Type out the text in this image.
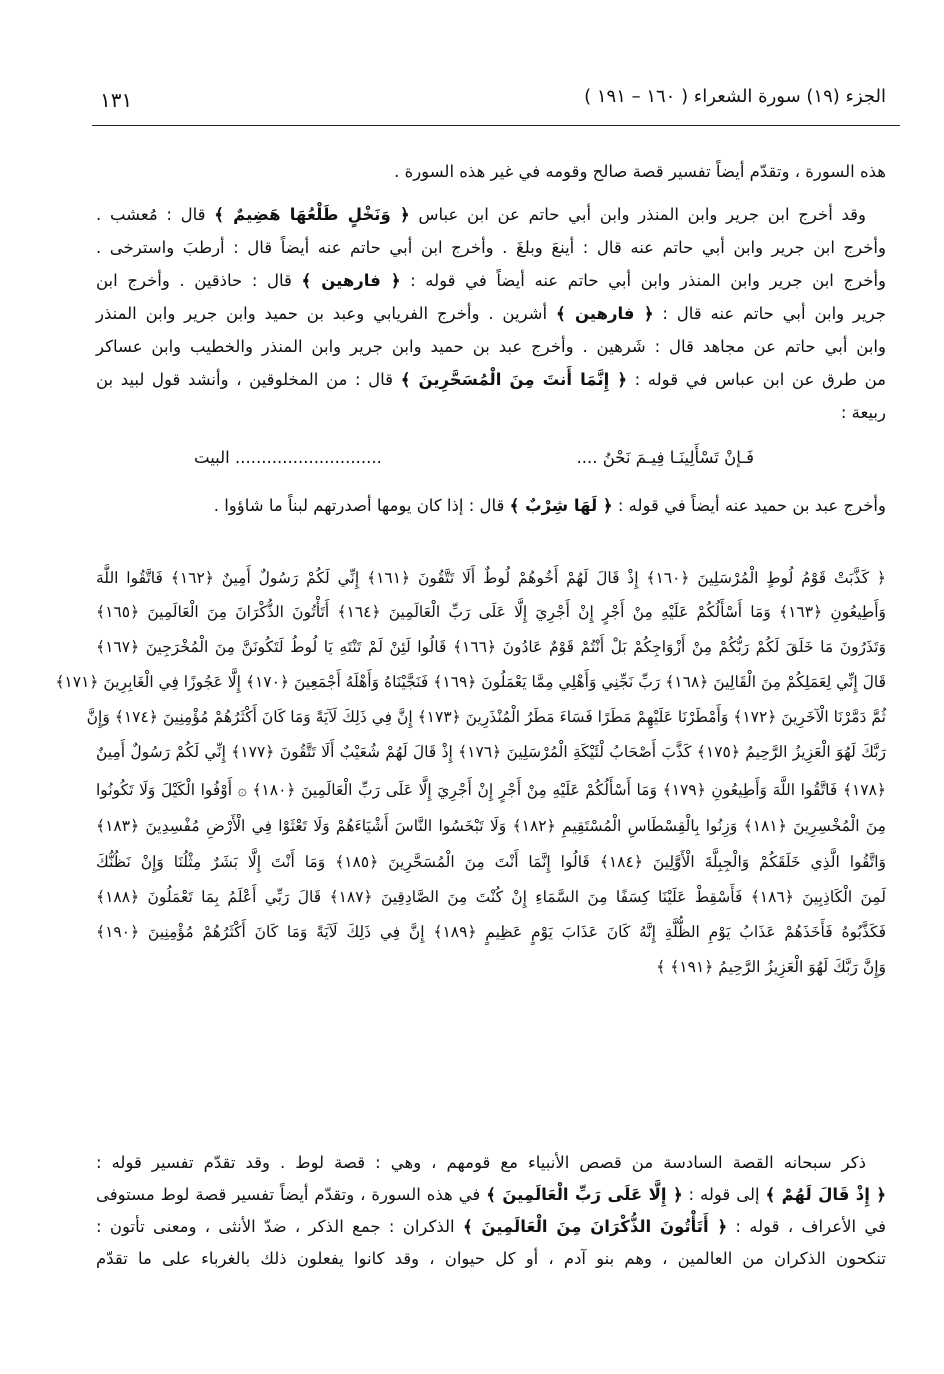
الجزء (١٩) سورة الشعراء ( ١٦٠ – ١٩١ )
١٣١
هذه السورة ، وتقدّم أيضاً تفسير قصة صالح وقومه في غير هذه السورة .
وقد أخرج ابن جرير وابن المنذر وابن أبي حاتم عن ابن عباس ﴿ وَنَخْلٍ طَلْعُهَا هَضِيمٌ ﴾ قال : مُعشب .
وأخرج ابن جرير وابن أبي حاتم عنه قال : أينعَ وبلغَ . وأخرج ابن أبي حاتم عنه أيضاً قال : أرطبَ واسترخى .
وأخرج ابن جرير وابن المنذر وابن أبي حاتم عنه أيضاً في قوله : ﴿ فارهين ﴾ قال : حاذقين . وأخرج ابن
جرير وابن أبي حاتم عنه قال : ﴿ فارهين ﴾ أشرين . وأخرج الفريابي وعبد بن حميد وابن جرير وابن المنذر
وابن أبي حاتم عن مجاهد قال : شَرهين . وأخرج عبد بن حميد وابن جرير وابن المنذر والخطيب وابن عساكر
من طرق عن ابن عباس في قوله : ﴿ إِنَّمَا أَنتَ مِنَ الْمُسَحَّرِينَ ﴾ قال : من المخلوقين ، وأنشد قول لبيد بن
ربيعة :
فَـإنْ تَسْأَلِينَـا فِيـمَ نَحْنُ ....
............................ البيت
وأخرج عبد بن حميد عنه أيضاً في قوله : ﴿ لَهَا شِرْبٌ ﴾ قال : إذا كان يومها أصدرتهم لبناً ما شاؤوا .
﴿ كَذَّبَتْ قَوْمُ لُوطٍ الْمُرْسَلِينَ ﴿١٦٠﴾ إِذْ قَالَ لَهُمْ أَخُوهُمْ لُوطٌ أَلَا تَتَّقُونَ ﴿١٦١﴾ إِنِّي لَكُمْ رَسُولٌ أَمِينٌ ﴿١٦٢﴾ فَاتَّقُوا اللَّهَ
وَأَطِيعُونِ ﴿١٦٣﴾ وَمَا أَسْأَلُكُمْ عَلَيْهِ مِنْ أَجْرٍ إِنْ أَجْرِيَ إِلَّا عَلَى رَبِّ الْعَالَمِينَ ﴿١٦٤﴾ أَتَأْتُونَ الذُّكْرَانَ مِنَ الْعَالَمِينَ ﴿١٦٥﴾
وَتَذَرُونَ مَا خَلَقَ لَكُمْ رَبُّكُمْ مِنْ أَزْوَاجِكُمْ بَلْ أَنْتُمْ قَوْمٌ عَادُونَ ﴿١٦٦﴾ قَالُوا لَئِنْ لَمْ تَنْتَهِ يَا لُوطُ لَتَكُونَنَّ مِنَ الْمُخْرَجِينَ ﴿١٦٧﴾
قَالَ إِنِّي لِعَمَلِكُمْ مِنَ الْقَالِينَ ﴿١٦٨﴾ رَبِّ نَجِّنِي وَأَهْلِي مِمَّا يَعْمَلُونَ ﴿١٦٩﴾ فَنَجَّيْنَاهُ وَأَهْلَهُ أَجْمَعِينَ ﴿١٧٠﴾ إِلَّا عَجُوزًا فِي الْغَابِرِينَ ﴿١٧١﴾
ثُمَّ دَمَّرْنَا الْآخَرِينَ ﴿١٧٢﴾ وَأَمْطَرْنَا عَلَيْهِمْ مَطَرًا فَسَاءَ مَطَرُ الْمُنْذَرِينَ ﴿١٧٣﴾ إِنَّ فِي ذَلِكَ لَآيَةً وَمَا كَانَ أَكْثَرُهُمْ مُؤْمِنِينَ ﴿١٧٤﴾ وَإِنَّ
رَبَّكَ لَهُوَ الْعَزِيزُ الرَّحِيمُ ﴿١٧٥﴾ كَذَّبَ أَصْحَابُ لْئَيْكَةِ الْمُرْسَلِينَ ﴿١٧٦﴾ إِذْ قَالَ لَهُمْ شُعَيْبٌ أَلَا تَتَّقُونَ ﴿١٧٧﴾ إِنِّي لَكُمْ رَسُولٌ أَمِينٌ
﴿١٧٨﴾ فَاتَّقُوا اللَّهَ وَأَطِيعُونِ ﴿١٧٩﴾ وَمَا أَسْأَلُكُمْ عَلَيْهِ مِنْ أَجْرٍ إِنْ أَجْرِيَ إِلَّا عَلَى رَبِّ الْعَالَمِينَ ﴿١٨٠﴾ ۞ أَوْفُوا الْكَيْلَ وَلَا تَكُونُوا
مِنَ الْمُخْسِرِينَ ﴿١٨١﴾ وَزِنُوا بِالْقِسْطَاسِ الْمُسْتَقِيمِ ﴿١٨٢﴾ وَلَا تَبْخَسُوا النَّاسَ أَشْيَاءَهُمْ وَلَا تَعْثَوْا فِي الْأَرْضِ مُفْسِدِينَ ﴿١٨٣﴾
وَاتَّقُوا الَّذِي خَلَقَكُمْ وَالْجِبِلَّةَ الْأَوَّلِينَ ﴿١٨٤﴾ قَالُوا إِنَّمَا أَنْتَ مِنَ الْمُسَحَّرِينَ ﴿١٨٥﴾ وَمَا أَنْتَ إِلَّا بَشَرٌ مِثْلُنَا وَإِنْ نَظُنُّكَ
لَمِنَ الْكَاذِبِينَ ﴿١٨٦﴾ فَأَسْقِطْ عَلَيْنَا كِسَفًا مِنَ السَّمَاءِ إِنْ كُنْتَ مِنَ الصَّادِقِينَ ﴿١٨٧﴾ قَالَ رَبِّي أَعْلَمُ بِمَا تَعْمَلُونَ ﴿١٨٨﴾
فَكَذَّبُوهُ فَأَخَذَهُمْ عَذَابُ يَوْمِ الظُّلَّةِ إِنَّهُ كَانَ عَذَابَ يَوْمٍ عَظِيمٍ ﴿١٨٩﴾ إِنَّ فِي ذَلِكَ لَآيَةً وَمَا كَانَ أَكْثَرُهُمْ مُؤْمِنِينَ ﴿١٩٠﴾
وَإِنَّ رَبَّكَ لَهُوَ الْعَزِيزُ الرَّحِيمُ ﴿١٩١﴾ ﴾
ذكر سبحانه القصة السادسة من قصص الأنبياء مع قومهم ، وهي : قصة لوط . وقد تقدّم تفسير قوله :
﴿ إِذْ قَالَ لَهُمْ ﴾ إلى قوله : ﴿ إِلَّا عَلَى رَبِّ الْعَالَمِينَ ﴾ في هذه السورة ، وتقدّم أيضاً تفسير قصة لوط مستوفى
في الأعراف ، قوله : ﴿ أَتَأْتُونَ الذُّكْرَانَ مِنَ الْعَالَمِينَ ﴾ الذكران : جمع الذكر ، ضدّ الأنثى ، ومعنى تأتون :
تنكحون الذكران من العالمين ، وهم بنو آدم ، أو كل حيوان ، وقد كانوا يفعلون ذلك بالغرباء على ما تقدّم
